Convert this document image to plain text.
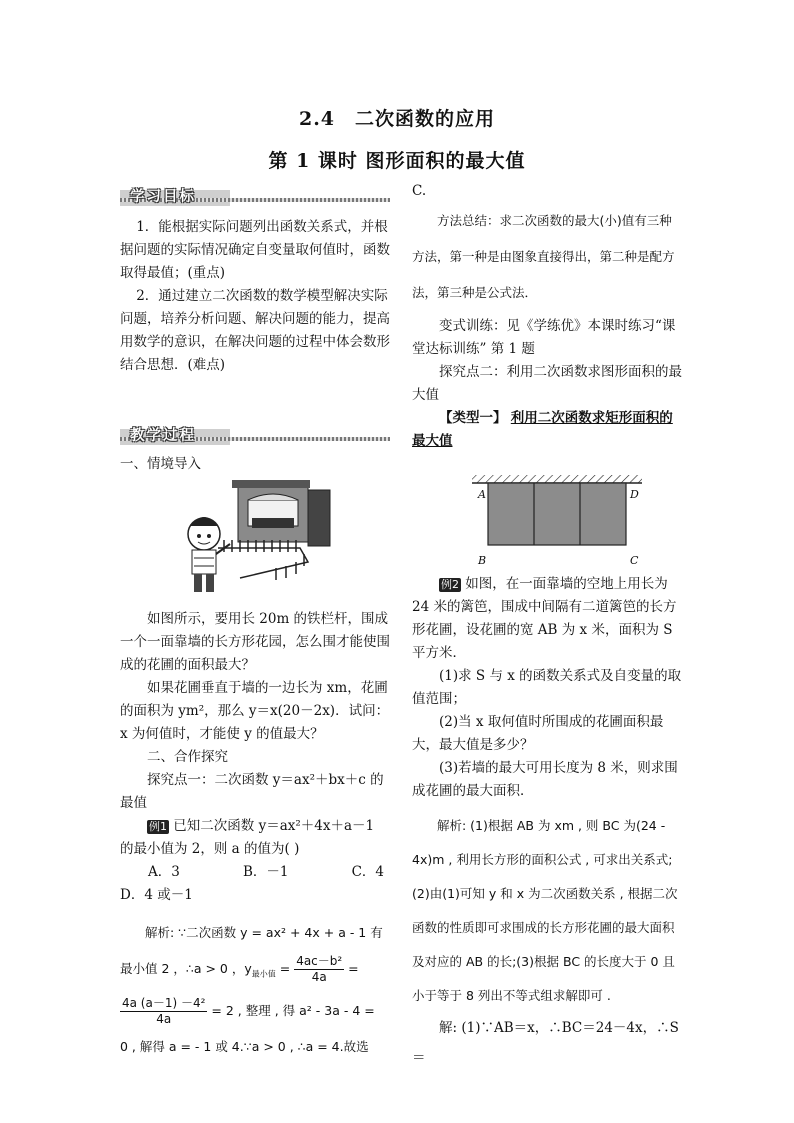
2.4　二次函数的应用
第 1 课时 图形面积的最大值
学习目标

1．能根据实际问题列出函数关系式，并根据问题的实际情况确定自变量取何值时，函数取得最值；(重点)

2．通过建立二次函数的数学模型解决实际问题，培养分析问题、解决问题的能力，提高用数学的意识，在解决问题的过程中体会数形结合思想．(难点)

教学过程

一、情境导入

如图所示，要用长 20m 的铁栏杆，围成一个一面靠墙的长方形花园，怎么围才能使围成的花圃的面积最大？

如果花圃垂直于墙的一边长为 xm，花圃的面积为 ym²，那么 y＝x(20－2x)．试问：x 为何值时，才能使 y 的值最大？

二、合作探究

探究点一：二次函数 y＝ax²＋bx＋c 的最值

例1 已知二次函数 y＝ax²＋4x＋a－1 的最小值为 2，则 a 的值为( )

A．3	B．－1	C．4

D．4 或－1

解析: ∵二次函数 y = ax² + 4x + a - 1 有

最小值 2 ，∴a > 0 ，$y_{最小值} = \frac{\text{4ac－b²}}{4a}$ =

$\frac{\text{4a (a－1) －4²}}{4a} = 2$ , 整理 , 得 a² - 3a - 4 =

0 , 解得 a = - 1 或 4.∵a > 0 , ∴a = 4.故选

C.

方法总结：求二次函数的最大(小)值有三种方法，第一种是由图象直接得出，第二种是配方法，第三种是公式法．

变式训练：见《学练优》本课时练习“课堂达标训练” 第 1 题

探究点二：利用二次函数求图形面积的最大值

【类型一】 利用二次函数求矩形面积的最大值

A
B	C
D

例2 如图，在一面靠墙的空地上用长为 24 米的篱笆，围成中间隔有二道篱笆的长方形花圃，设花圃的宽 AB 为 x 米，面积为 S 平方米．

(1)求 S 与 x 的函数关系式及自变量的取值范围；

(2)当 x 取何值时所围成的花圃面积最大，最大值是多少？

(3)若墙的最大可用长度为 8 米，则求围成花圃的最大面积．

解析: (1)根据 AB 为 xm , 则 BC 为(24 - 4x)m , 利用长方形的面积公式 , 可求出关系式;(2)由(1)可知 y 和 x 为二次函数关系 , 根据二次函数的性质即可求围成的长方形花圃的最大面积及对应的 AB 的长;(3)根据 BC 的长度大于 0 且小于等于 8 列出不等式组求解即可 .

解: (1)∵AB＝x，∴BC＝24－4x，∴S＝
